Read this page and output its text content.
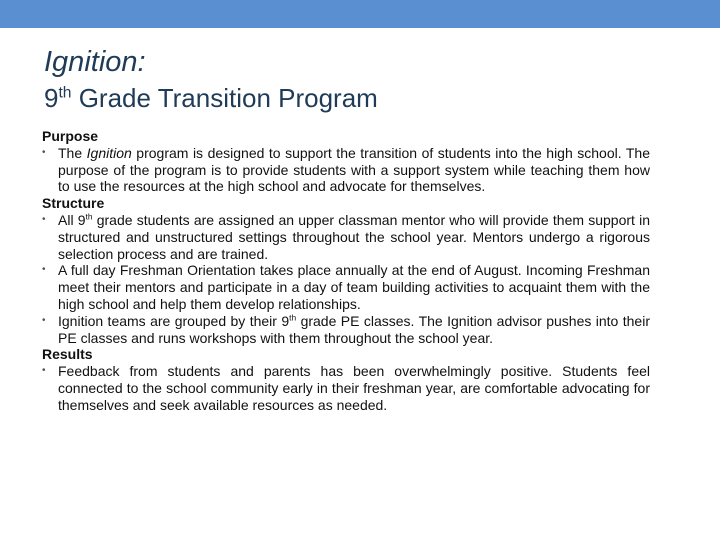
Ignition:
9th Grade Transition Program

Purpose

• The Ignition program is designed to support the transition of students into the high school. The purpose of the program is to provide students with a support system while teaching them how to use the resources at the high school and advocate for themselves.

Structure

• All 9th grade students are assigned an upper classman mentor who will provide them support in structured and unstructured settings throughout the school year. Mentors undergo a rigorous selection process and are trained.

• A full day Freshman Orientation takes place annually at the end of August. Incoming Freshman meet their mentors and participate in a day of team building activities to acquaint them with the high school and help them develop relationships.

• Ignition teams are grouped by their 9th grade PE classes. The Ignition advisor pushes into their PE classes and runs workshops with them throughout the school year.

Results

• Feedback from students and parents has been overwhelmingly positive. Students feel connected to the school community early in their freshman year, are comfortable advocating for themselves and seek available resources as needed.
